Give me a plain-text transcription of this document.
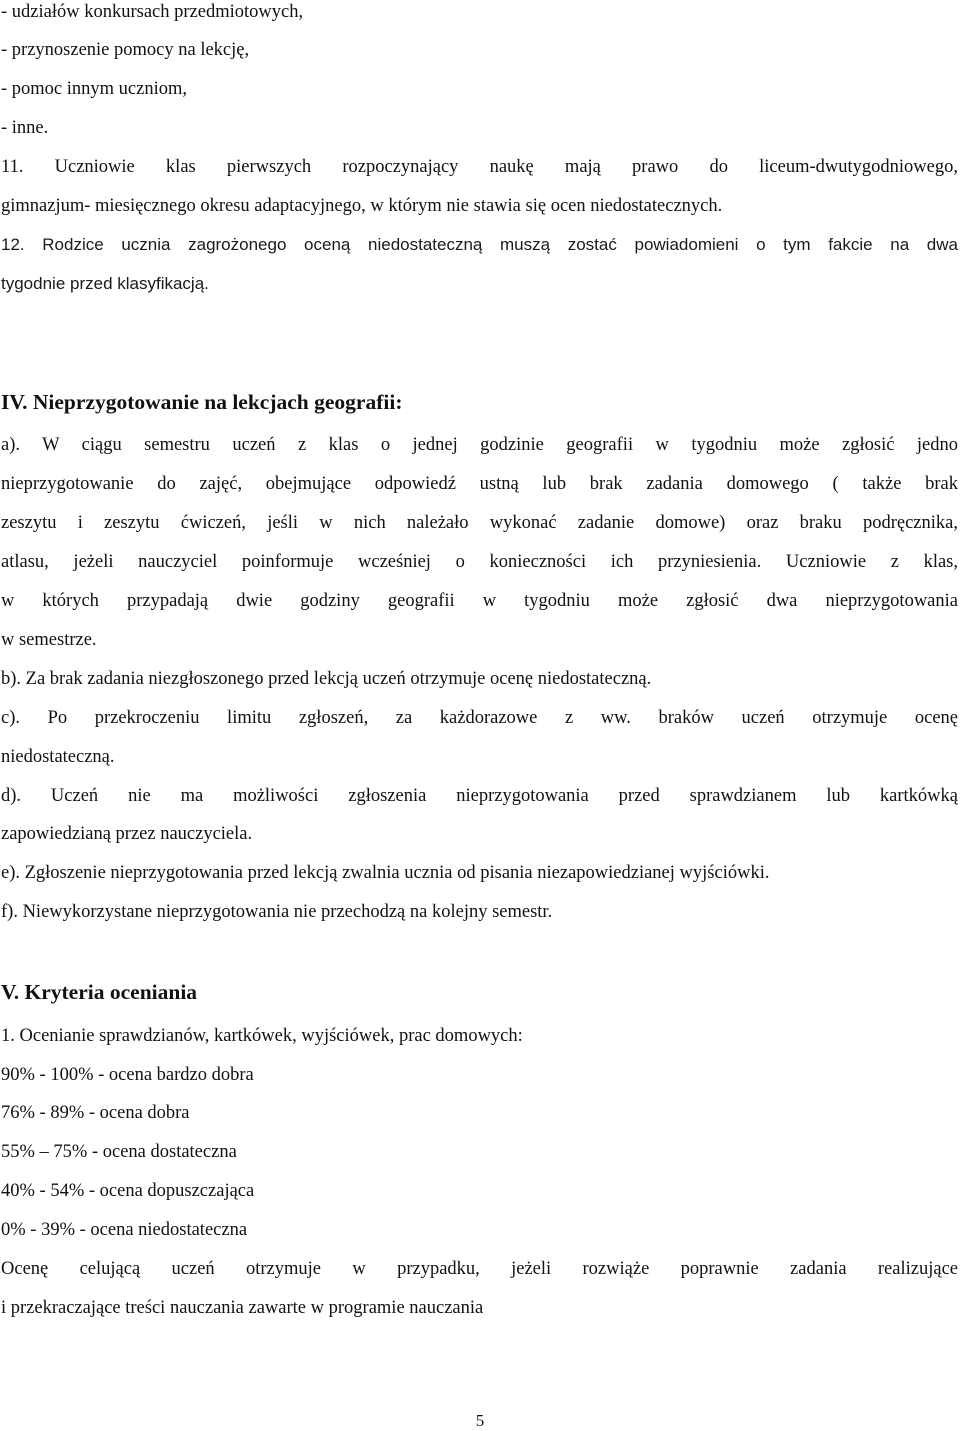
- udziałów konkursach przedmiotowych,
- przynoszenie pomocy na lekcję,
- pomoc innym uczniom,
- inne.
11. Uczniowie klas pierwszych rozpoczynający naukę mają prawo do liceum-dwutygodniowego,
gimnazjum- miesięcznego okresu adaptacyjnego, w którym nie stawia się ocen niedostatecznych.
12. Rodzice ucznia zagrożonego oceną niedostateczną muszą zostać powiadomieni o tym fakcie na dwa
tygodnie przed klasyfikacją.
IV. Nieprzygotowanie na lekcjach geografii:
a). W ciągu semestru uczeń z klas o jednej godzinie geografii w tygodniu może zgłosić jedno
nieprzygotowanie do zajęć, obejmujące odpowiedź ustną lub brak zadania domowego ( także brak
zeszytu i zeszytu ćwiczeń, jeśli w nich należało wykonać zadanie domowe) oraz braku podręcznika,
atlasu, jeżeli nauczyciel poinformuje wcześniej o konieczności ich przyniesienia. Uczniowie z klas,
w których przypadają dwie godziny geografii w tygodniu może zgłosić dwa nieprzygotowania
w semestrze.
b). Za brak zadania niezgłoszonego przed lekcją uczeń otrzymuje ocenę niedostateczną.
c). Po przekroczeniu limitu zgłoszeń, za każdorazowe z ww. braków uczeń otrzymuje ocenę
niedostateczną.
d). Uczeń nie ma możliwości zgłoszenia nieprzygotowania przed sprawdzianem lub kartkówką
zapowiedzianą przez nauczyciela.
e). Zgłoszenie nieprzygotowania przed lekcją zwalnia ucznia od pisania niezapowiedzianej wyjściówki.
f). Niewykorzystane nieprzygotowania nie przechodzą na kolejny semestr.
V. Kryteria oceniania
1. Ocenianie sprawdzianów, kartkówek, wyjściówek, prac domowych:
90% - 100% - ocena bardzo dobra
76% - 89% - ocena dobra
55% – 75% - ocena dostateczna
40% - 54% - ocena dopuszczająca
0% - 39% - ocena niedostateczna
Ocenę celującą uczeń otrzymuje w przypadku, jeżeli rozwiąże poprawnie zadania realizujące
i przekraczające treści nauczania zawarte w programie nauczania
5
